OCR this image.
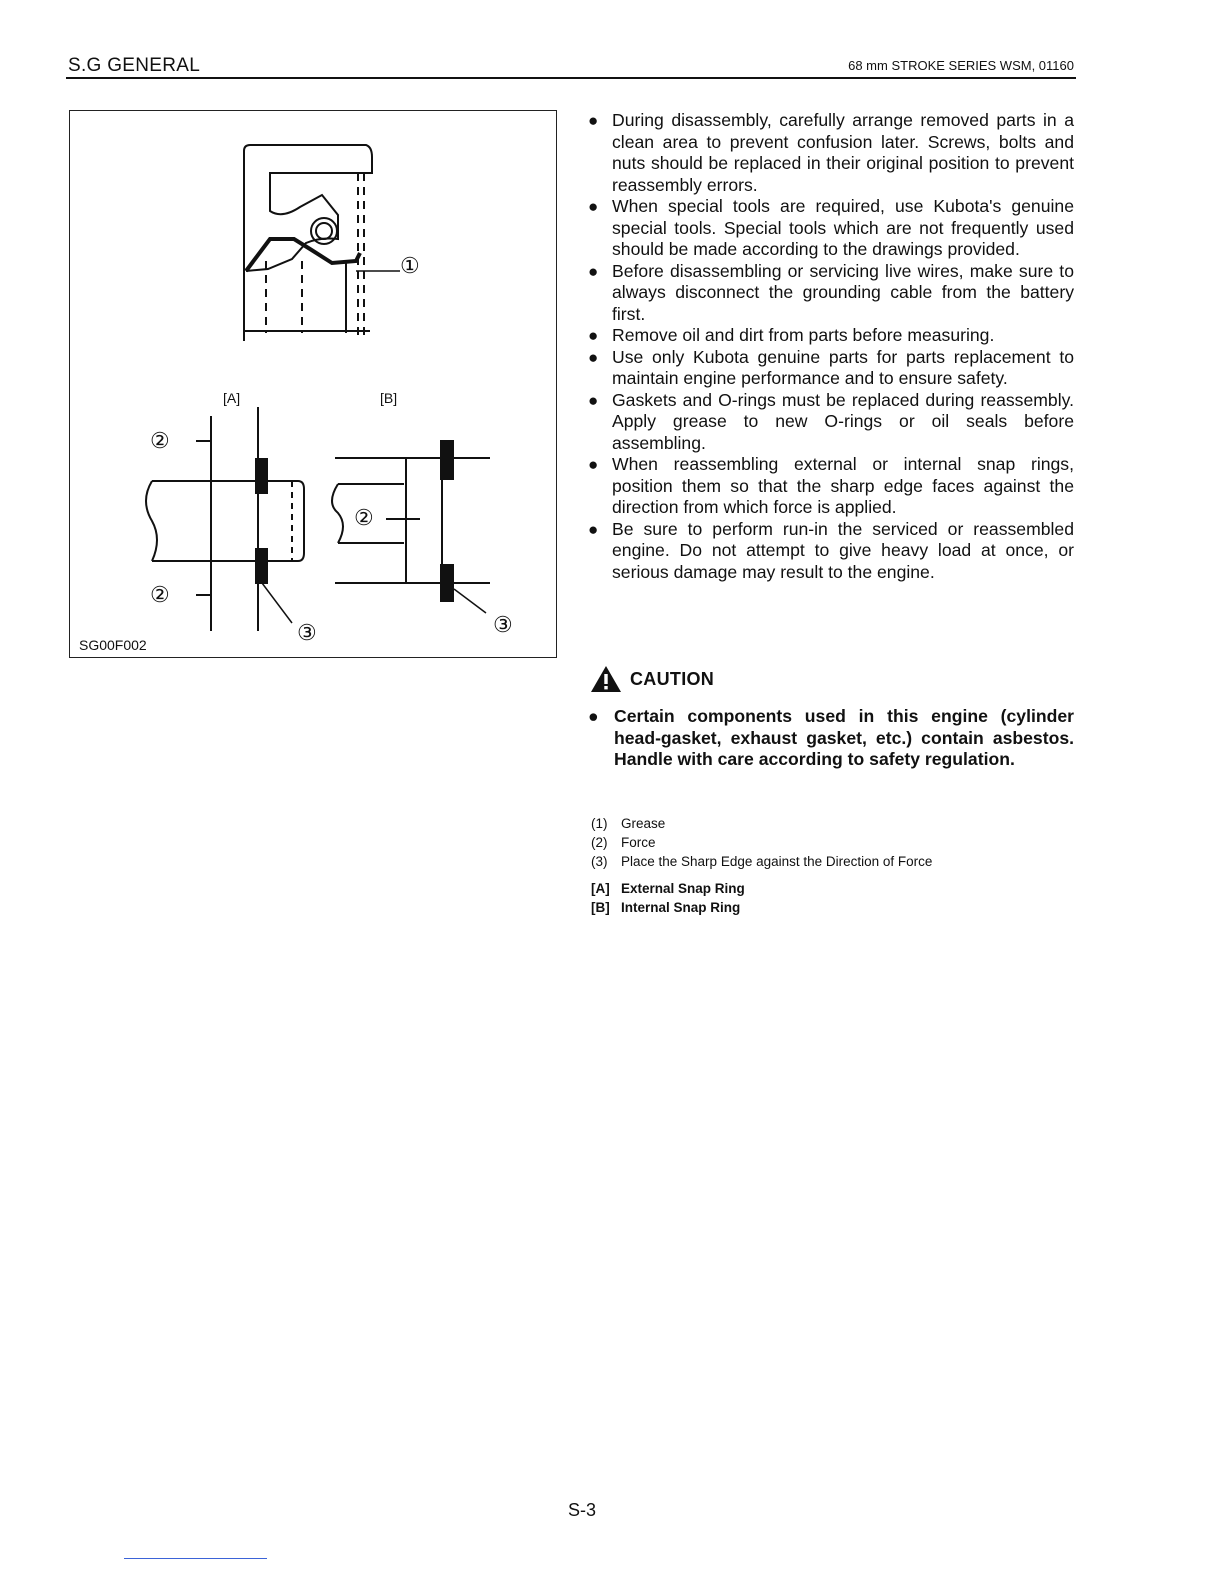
S.G GENERAL	68 mm STROKE SERIES WSM, 01160
①
[A]	[B]
②
②
②
③	③
SG00F002
● During disassembly, carefully arrange removed parts in a clean area to prevent confusion later. Screws, bolts and nuts should be replaced in their original position to prevent reassembly errors.
● When special tools are required, use Kubota's genuine special tools. Special tools which are not frequently used should be made according to the drawings provided.
● Before disassembling or servicing live wires, make sure to always disconnect the grounding cable from the battery first.
● Remove oil and dirt from parts before measuring.
● Use only Kubota genuine parts for parts replacement to maintain engine performance and to ensure safety.
● Gaskets and O-rings must be replaced during reassembly. Apply grease to new O-rings or oil seals before assembling.
● When reassembling external or internal snap rings, position them so that the sharp edge faces against the direction from which force is applied.
● Be sure to perform run-in the serviced or reassembled engine. Do not attempt to give heavy load at once, or serious damage may result to the engine.
CAUTION
● Certain components used in this engine (cylinder head-gasket, exhaust gasket, etc.) contain asbestos. Handle with care according to safety regulation.
(1)	Grease
(2)	Force
(3)	Place the Sharp Edge against the Direction of Force
[A] External Snap Ring
[B] Internal Snap Ring
S-3
